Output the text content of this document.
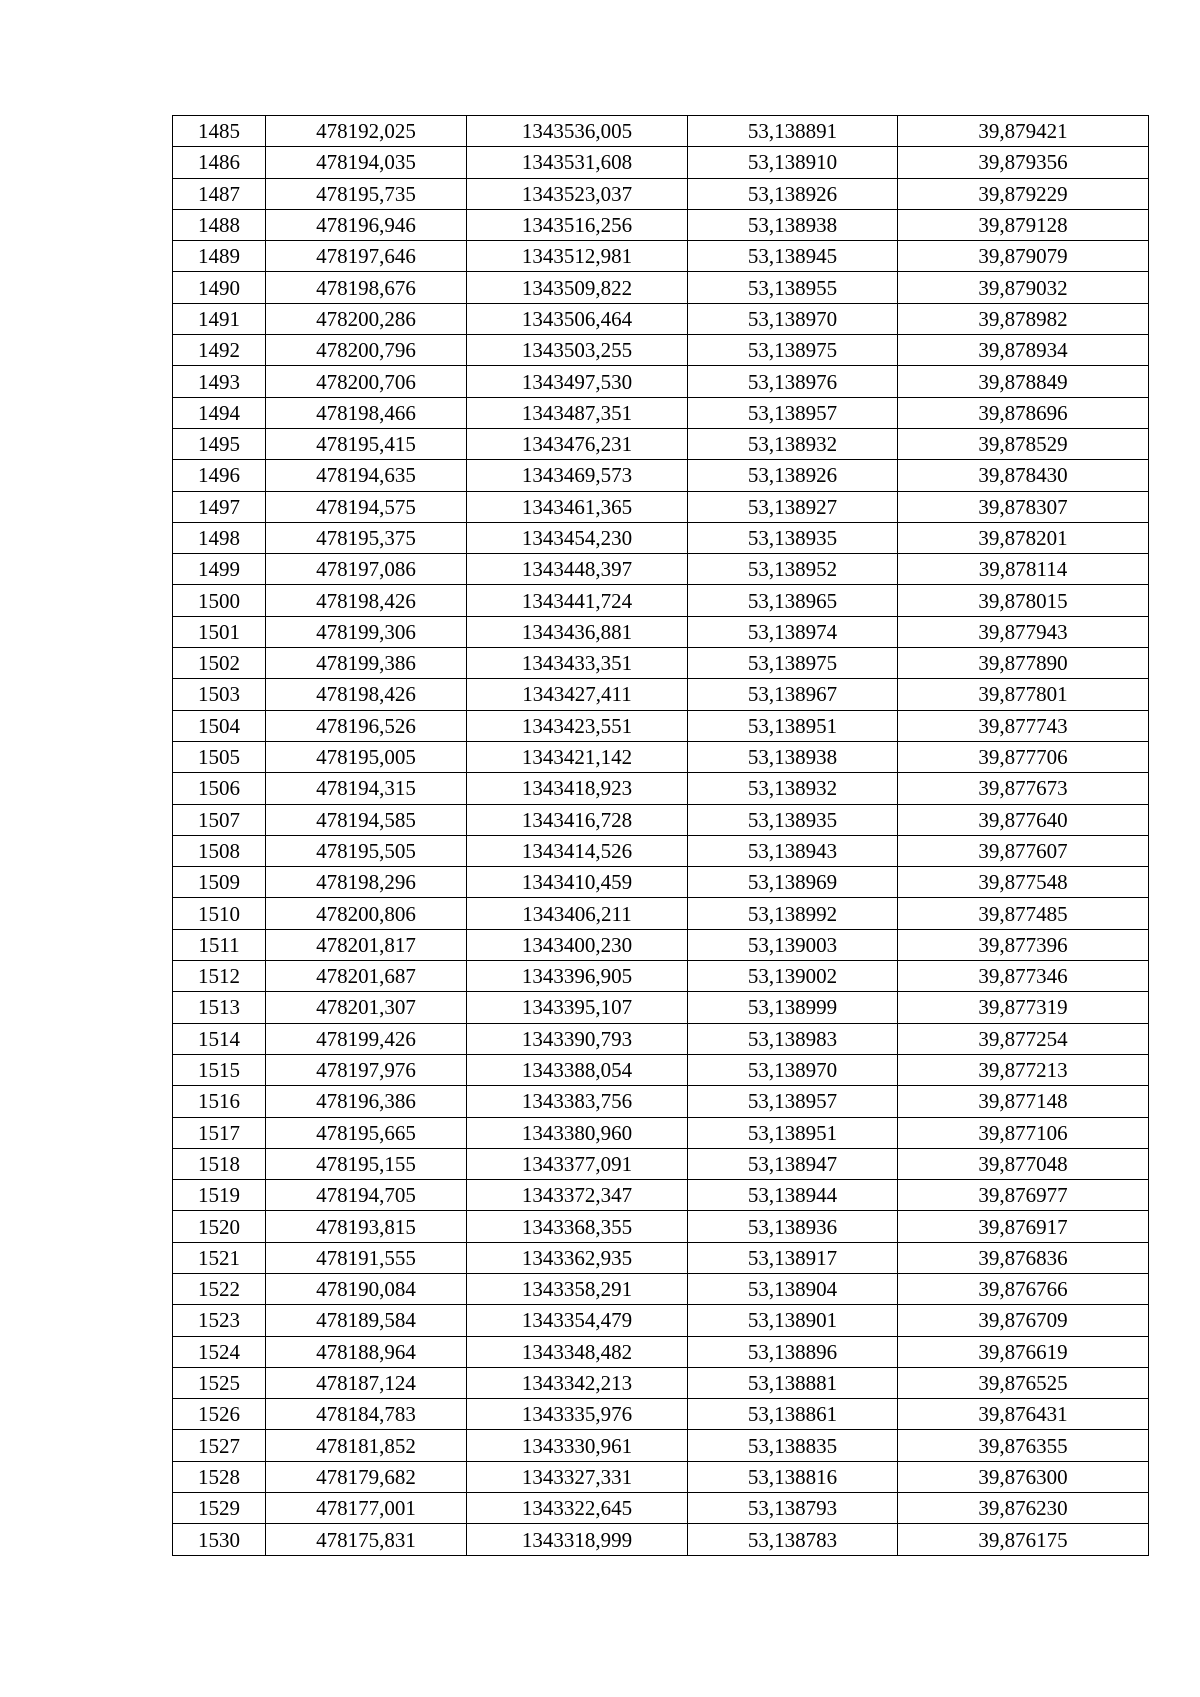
1485	478192,025	1343536,005	53,138891	39,879421
1486	478194,035	1343531,608	53,138910	39,879356
1487	478195,735	1343523,037	53,138926	39,879229
1488	478196,946	1343516,256	53,138938	39,879128
1489	478197,646	1343512,981	53,138945	39,879079
1490	478198,676	1343509,822	53,138955	39,879032
1491	478200,286	1343506,464	53,138970	39,878982
1492	478200,796	1343503,255	53,138975	39,878934
1493	478200,706	1343497,530	53,138976	39,878849
1494	478198,466	1343487,351	53,138957	39,878696
1495	478195,415	1343476,231	53,138932	39,878529
1496	478194,635	1343469,573	53,138926	39,878430
1497	478194,575	1343461,365	53,138927	39,878307
1498	478195,375	1343454,230	53,138935	39,878201
1499	478197,086	1343448,397	53,138952	39,878114
1500	478198,426	1343441,724	53,138965	39,878015
1501	478199,306	1343436,881	53,138974	39,877943
1502	478199,386	1343433,351	53,138975	39,877890
1503	478198,426	1343427,411	53,138967	39,877801
1504	478196,526	1343423,551	53,138951	39,877743
1505	478195,005	1343421,142	53,138938	39,877706
1506	478194,315	1343418,923	53,138932	39,877673
1507	478194,585	1343416,728	53,138935	39,877640
1508	478195,505	1343414,526	53,138943	39,877607
1509	478198,296	1343410,459	53,138969	39,877548
1510	478200,806	1343406,211	53,138992	39,877485
1511	478201,817	1343400,230	53,139003	39,877396
1512	478201,687	1343396,905	53,139002	39,877346
1513	478201,307	1343395,107	53,138999	39,877319
1514	478199,426	1343390,793	53,138983	39,877254
1515	478197,976	1343388,054	53,138970	39,877213
1516	478196,386	1343383,756	53,138957	39,877148
1517	478195,665	1343380,960	53,138951	39,877106
1518	478195,155	1343377,091	53,138947	39,877048
1519	478194,705	1343372,347	53,138944	39,876977
1520	478193,815	1343368,355	53,138936	39,876917
1521	478191,555	1343362,935	53,138917	39,876836
1522	478190,084	1343358,291	53,138904	39,876766
1523	478189,584	1343354,479	53,138901	39,876709
1524	478188,964	1343348,482	53,138896	39,876619
1525	478187,124	1343342,213	53,138881	39,876525
1526	478184,783	1343335,976	53,138861	39,876431
1527	478181,852	1343330,961	53,138835	39,876355
1528	478179,682	1343327,331	53,138816	39,876300
1529	478177,001	1343322,645	53,138793	39,876230
1530	478175,831	1343318,999	53,138783	39,876175
